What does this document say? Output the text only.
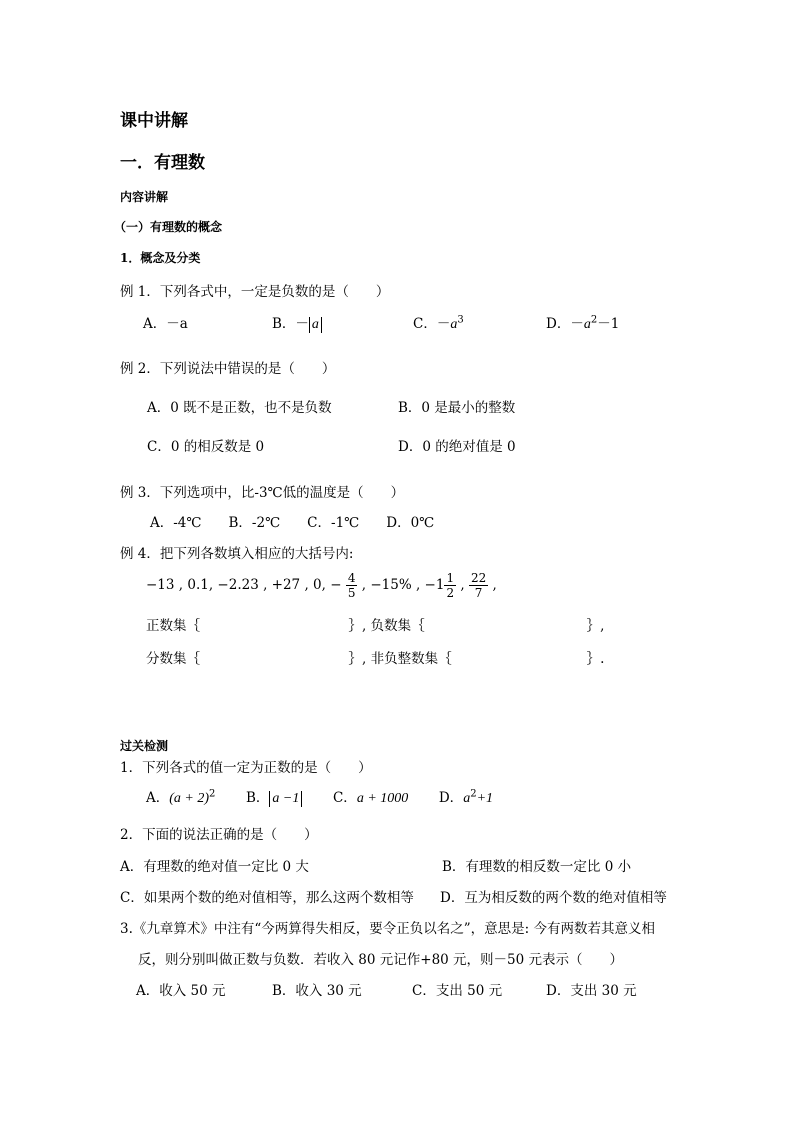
课中讲解
一．有理数
内容讲解
（一）有理数的概念
1．概念及分类
例 1．下列各式中，一定是负数的是（　　）
A．－a	B．－ a	C．$-a^3$	D．$-a^2-1$
例 2．下列说法中错误的是（　　）
A．0 既不是正数，也不是负数	B．0 是最小的整数
C．0 的相反数是 0	D．0 的绝对值是 0
例 3．下列选项中，比-3℃低的温度是（　　）
A．-4℃　　B．-2℃　　C．-1℃　　D．0℃
例 4．把下列各数填入相应的大括号内:
−13 , 0.1, −2.23 , +27 , 0, − $\frac{4}{5}$ , −15% , $-1 \frac{1}{2}$ , $\frac{22}{7}$ ,
正数集｛　　　　　　　　　　　｝, 负数集｛　　　　　　　　　　　　｝,
分数集｛　　　　　　　　　　　｝, 非负整数集｛　　　　　　　　　　｝.
过关检测
1．下列各式的值一定为正数的是（　　）
A．$(a + 2)^2$ B． a −1 C．a + 1000 D．$a^2+1$
2．下面的说法正确的是（　　）
A．有理数的绝对值一定比 0 大	B．有理数的相反数一定比 0 小
C．如果两个数的绝对值相等，那么这两个数相等 D．互为相反数的两个数的绝对值相等
3.《九章算术》中注有“今两算得失相反，要令正负以名之”，意思是: 今有两数若其意义相
反，则分别叫做正数与负数．若收入 80 元记作+80 元，则－50 元表示（　　）
A．收入 50 元	B．收入 30 元	C．支出 50 元	D．支出 30 元
